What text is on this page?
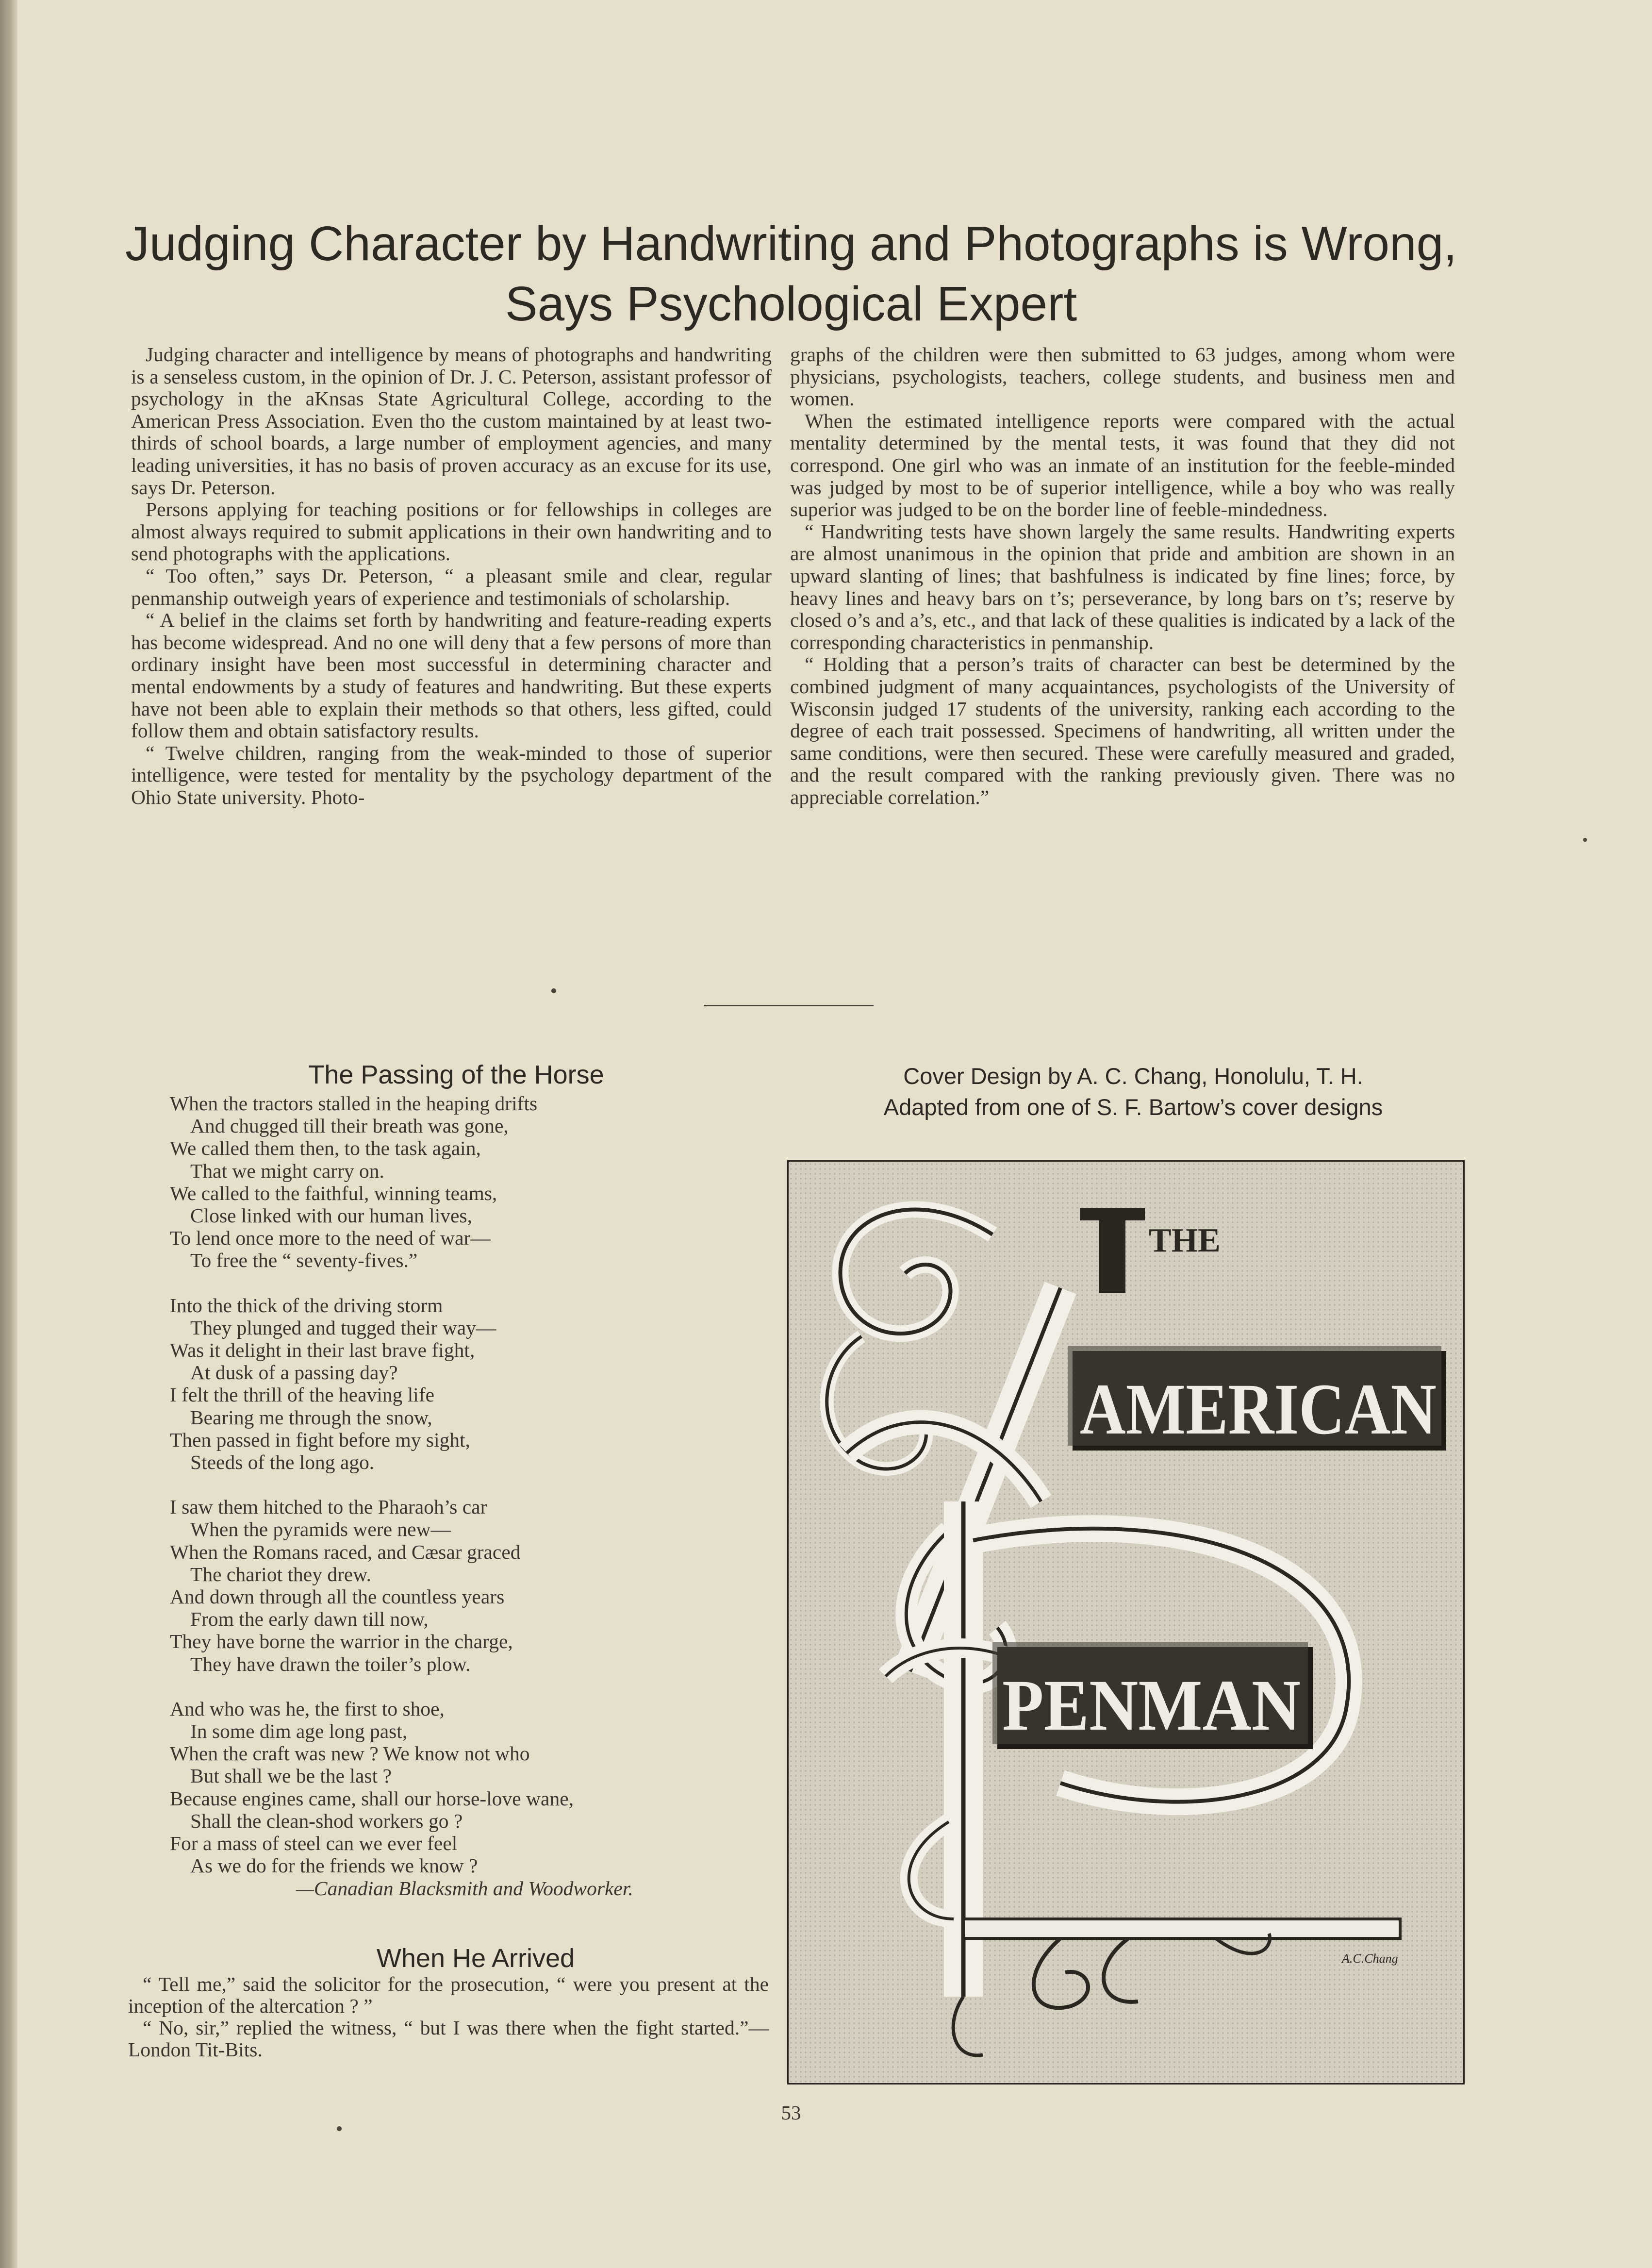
Judging Character by Handwriting and Photographs is Wrong,
Says Psychological Expert

Judging character and intelligence by means of photographs and handwriting is a senseless custom, in the opinion of Dr. J. C. Peterson, assistant professor of psychology in the aKnsas State Agricultural College, according to the American Press Association. Even tho the custom maintained by at least two-thirds of school boards, a large number of employment agencies, and many leading universities, it has no basis of proven accuracy as an excuse for its use, says Dr. Peterson.

Persons applying for teaching positions or for fellowships in colleges are almost always required to submit applications in their own handwriting and to send photographs with the applications.

“ Too often,” says Dr. Peterson, “ a pleasant smile and clear, regular penmanship outweigh years of experience and testimonials of scholarship.

“ A belief in the claims set forth by handwriting and feature-reading experts has become widespread. And no one will deny that a few persons of more than ordinary insight have been most successful in determining character and mental endowments by a study of features and handwriting. But these experts have not been able to explain their methods so that others, less gifted, could follow them and obtain satisfactory results.

“ Twelve children, ranging from the weak-minded to those of superior intelligence, were tested for mentality by the psychology department of the Ohio State university. Photo-

graphs of the children were then submitted to 63 judges, among whom were physicians, psychologists, teachers, college students, and business men and women.

When the estimated intelligence reports were compared with the actual mentality determined by the mental tests, it was found that they did not correspond. One girl who was an inmate of an institution for the feeble-minded was judged by most to be of superior intelligence, while a boy who was really superior was judged to be on the border line of feeble-mindedness.

“ Handwriting tests have shown largely the same results. Handwriting experts are almost unanimous in the opinion that pride and ambition are shown in an upward slanting of lines; that bashfulness is indicated by fine lines; force, by heavy lines and heavy bars on t’s; perseverance, by long bars on t’s; reserve by closed o’s and a’s, etc., and that lack of these qualities is indicated by a lack of the corresponding characteristics in penmanship.

“ Holding that a person’s traits of character can best be determined by the combined judgment of many acquaintances, psychologists of the University of Wisconsin judged 17 students of the university, ranking each according to the degree of each trait possessed. Specimens of handwriting, all written under the same conditions, were then secured. These were carefully measured and graded, and the result compared with the ranking previously given. There was no appreciable correlation.”

The Passing of the Horse
When the tractors stalled in the heaping drifts
And chugged till their breath was gone,
We called them then, to the task again,
That we might carry on.
We called to the faithful, winning teams,
Close linked with our human lives,
To lend once more to the need of war—
To free the “ seventy-fives.”
Into the thick of the driving storm
They plunged and tugged their way—
Was it delight in their last brave fight,
At dusk of a passing day?
I felt the thrill of the heaving life
Bearing me through the snow,
Then passed in fight before my sight,
Steeds of the long ago.
I saw them hitched to the Pharaoh’s car
When the pyramids were new—
When the Romans raced, and Cæsar graced
The chariot they drew.
And down through all the countless years
From the early dawn till now,
They have borne the warrior in the charge,
They have drawn the toiler’s plow.
And who was he, the first to shoe,
In some dim age long past,
When the craft was new ? We know not who
But shall we be the last ?
Because engines came, shall our horse-love wane,
Shall the clean-shod workers go ?
For a mass of steel can we ever feel
As we do for the friends we know ?
—Canadian Blacksmith and Woodworker.
When He Arrived

“ Tell me,” said the solicitor for the prosecution, “ were you present at the inception of the altercation ? ”

“ No, sir,” replied the witness, “ but I was there when the fight started.”—London Tit-Bits.

Cover Design by A. C. Chang, Honolulu, T. H.
Adapted from one of S. F. Bartow’s cover designs
THE
AMERICAN
PENMAN
A.C.Chang
53
